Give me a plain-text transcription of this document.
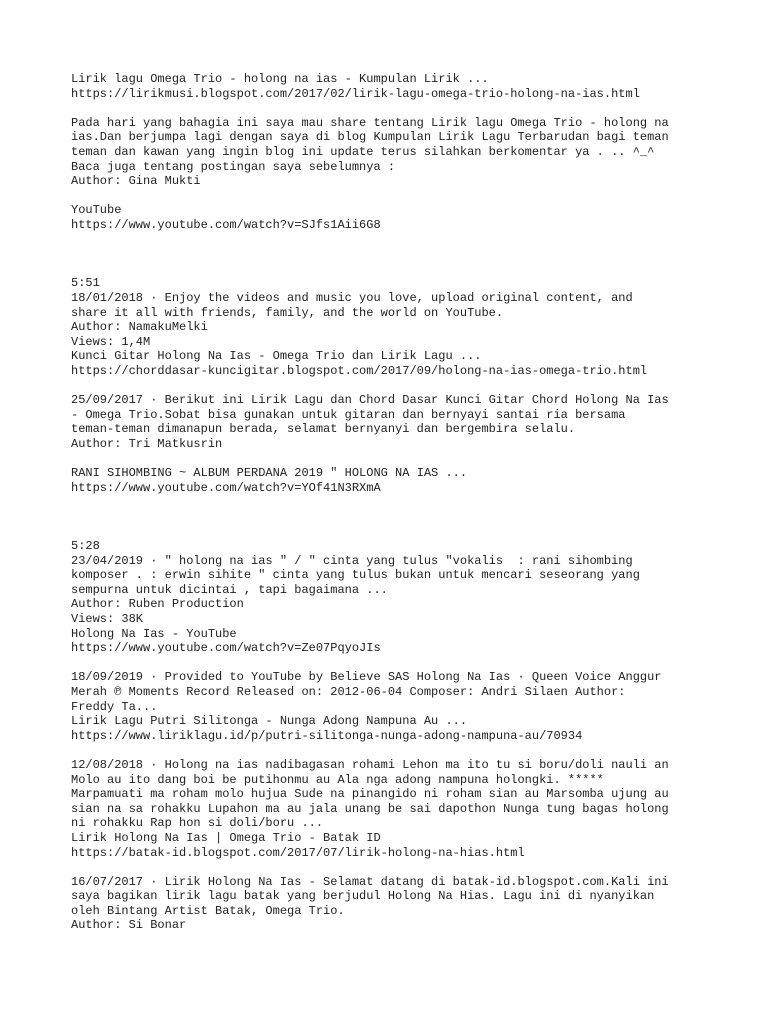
Lirik lagu Omega Trio - holong na ias - Kumpulan Lirik ...
https://lirikmusi.blogspot.com/2017/02/lirik-lagu-omega-trio-holong-na-ias.html
Pada hari yang bahagia ini saya mau share tentang Lirik lagu Omega Trio - holong na
ias.Dan berjumpa lagi dengan saya di blog Kumpulan Lirik Lagu Terbarudan bagi teman
teman dan kawan yang ingin blog ini update terus silahkan berkomentar ya . .. ^_^
Baca juga tentang postingan saya sebelumnya :
Author: Gina Mukti
YouTube
https://www.youtube.com/watch?v=SJfs1Aii6G8
5:51
18/01/2018 · Enjoy the videos and music you love, upload original content, and
share it all with friends, family, and the world on YouTube.
Author: NamakuMelki
Views: 1,4M
Kunci Gitar Holong Na Ias - Omega Trio dan Lirik Lagu ...
https://chorddasar-kuncigitar.blogspot.com/2017/09/holong-na-ias-omega-trio.html
25/09/2017 · Berikut ini Lirik Lagu dan Chord Dasar Kunci Gitar Chord Holong Na Ias
- Omega Trio.Sobat bisa gunakan untuk gitaran dan bernyayi santai ria bersama
teman-teman dimanapun berada, selamat bernyanyi dan bergembira selalu.
Author: Tri Matkusrin
RANI SIHOMBING ~ ALBUM PERDANA 2019 " HOLONG NA IAS ...
https://www.youtube.com/watch?v=YOf41N3RXmA
5:28
23/04/2019 · " holong na ias " / " cinta yang tulus "vokalis  : rani sihombing
komposer . : erwin sihite " cinta yang tulus bukan untuk mencari seseorang yang
sempurna untuk dicintai , tapi bagaimana ...
Author: Ruben Production
Views: 38K
Holong Na Ias - YouTube
https://www.youtube.com/watch?v=Ze07PqyoJIs
18/09/2019 · Provided to YouTube by Believe SAS Holong Na Ias · Queen Voice Anggur
Merah ℗ Moments Record Released on: 2012-06-04 Composer: Andri Silaen Author:
Freddy Ta...
Lirik Lagu Putri Silitonga - Nunga Adong Nampuna Au ...
https://www.liriklagu.id/p/putri-silitonga-nunga-adong-nampuna-au/70934
12/08/2018 · Holong na ias nadibagasan rohami Lehon ma ito tu si boru/doli nauli an
Molo au ito dang boi be putihonmu au Ala nga adong nampuna holongki. *****
Marpamuati ma roham molo hujua Sude na pinangido ni roham sian au Marsomba ujung au
sian na sa rohakku Lupahon ma au jala unang be sai dapothon Nunga tung bagas holong
ni rohakku Rap hon si doli/boru ...
Lirik Holong Na Ias | Omega Trio - Batak ID
https://batak-id.blogspot.com/2017/07/lirik-holong-na-hias.html
16/07/2017 · Lirik Holong Na Ias - Selamat datang di batak-id.blogspot.com.Kali ini
saya bagikan lirik lagu batak yang berjudul Holong Na Hias. Lagu ini di nyanyikan
oleh Bintang Artist Batak, Omega Trio.
Author: Si Bonar
